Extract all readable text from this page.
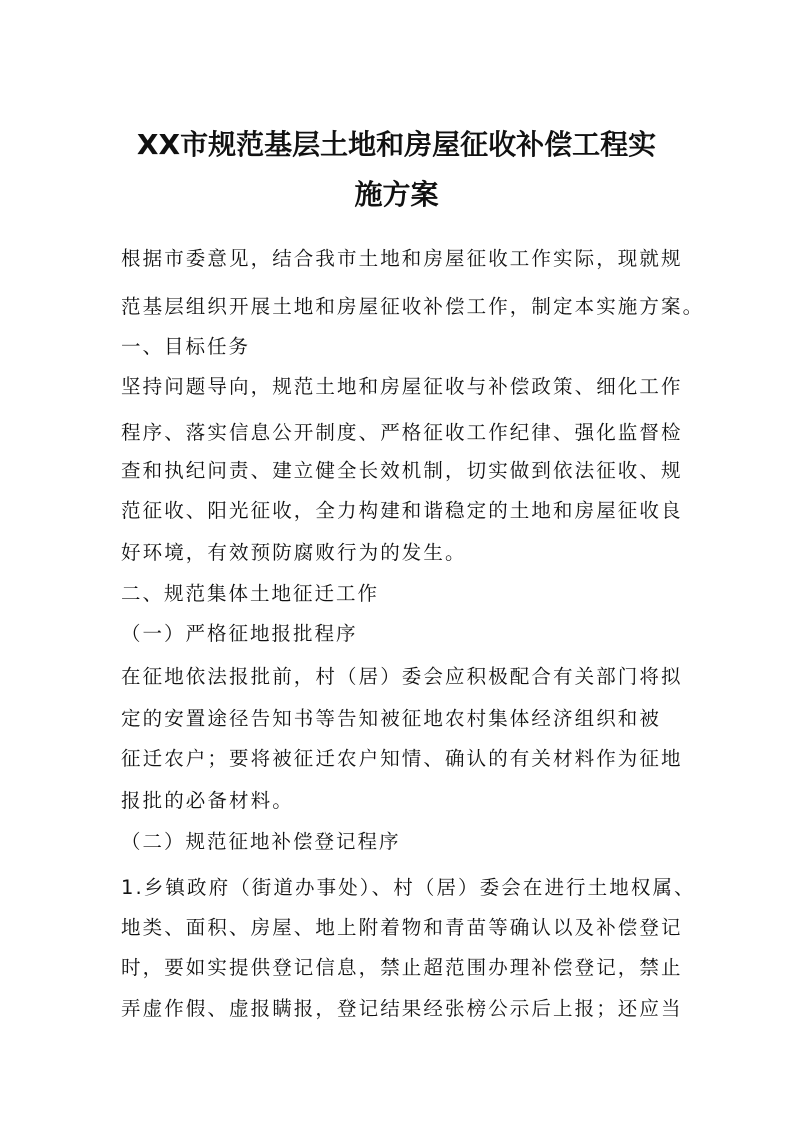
XX市规范基层土地和房屋征收补偿工程实
施方案
根据市委意见，结合我市土地和房屋征收工作实际，现就规
范基层组织开展土地和房屋征收补偿工作，制定本实施方案。
一、目标任务
坚持问题导向，规范土地和房屋征收与补偿政策、细化工作
程序、落实信息公开制度、严格征收工作纪律、强化监督检
查和执纪问责、建立健全长效机制，切实做到依法征收、规
范征收、阳光征收，全力构建和谐稳定的土地和房屋征收良
好环境，有效预防腐败行为的发生。
二、规范集体土地征迁工作
（一）严格征地报批程序
在征地依法报批前，村（居）委会应积极配合有关部门将拟
定的安置途径告知书等告知被征地农村集体经济组织和被
征迁农户；要将被征迁农户知情、确认的有关材料作为征地
报批的必备材料。
（二）规范征地补偿登记程序
1.乡镇政府（街道办事处）、村（居）委会在进行土地权属、
地类、面积、房屋、地上附着物和青苗等确认以及补偿登记
时，要如实提供登记信息，禁止超范围办理补偿登记，禁止
弄虚作假、虚报瞒报，登记结果经张榜公示后上报；还应当
